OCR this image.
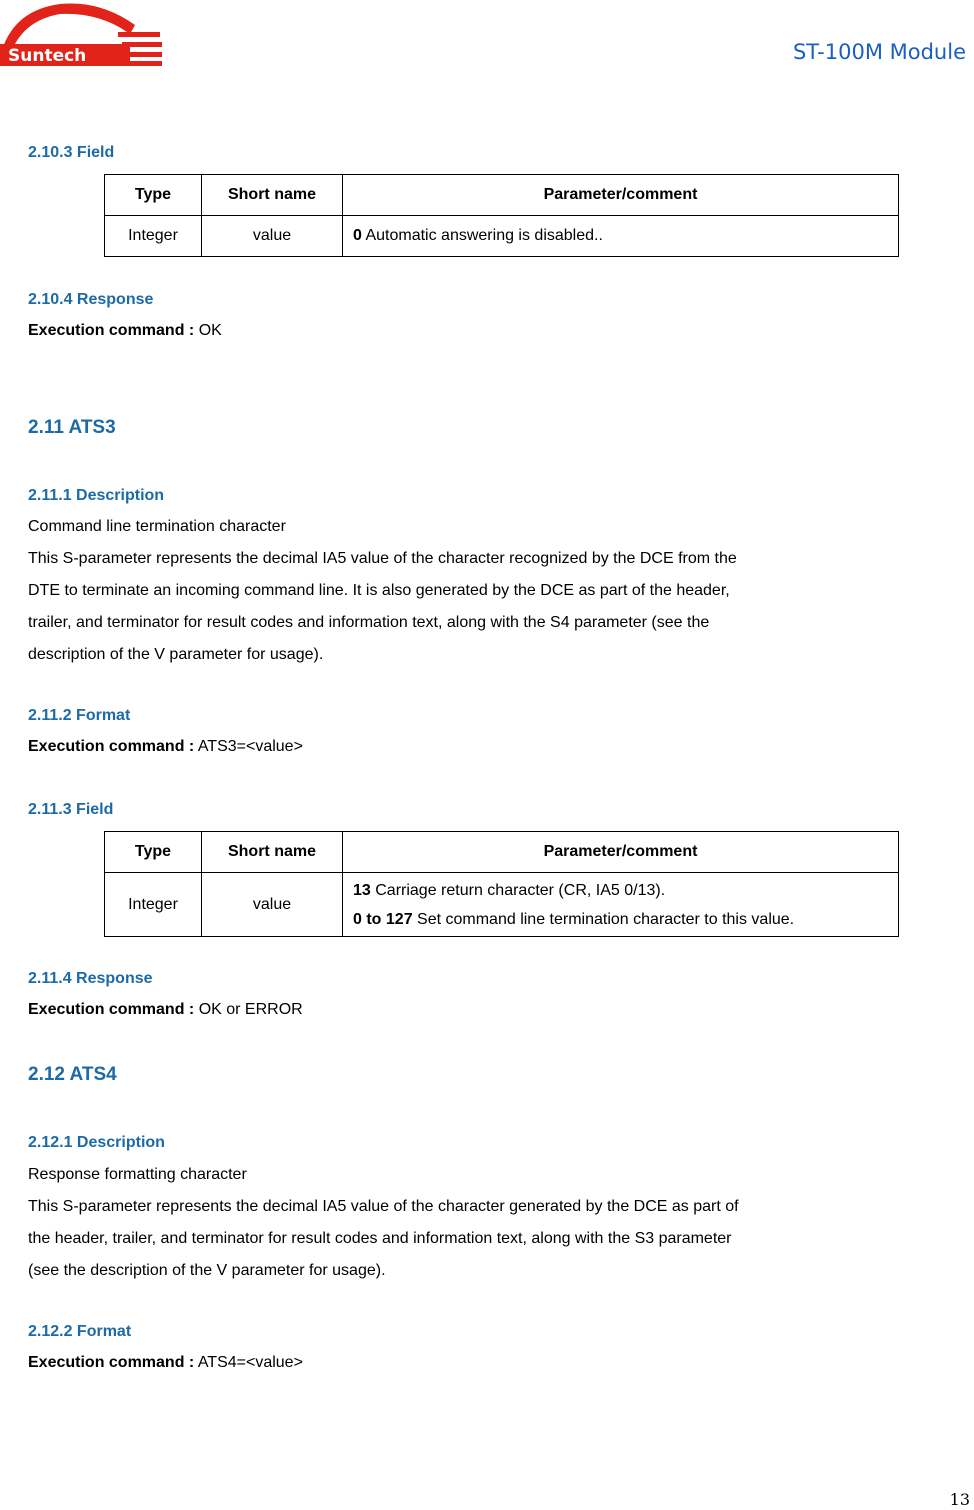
Suntech	ST-100M Module
2.10.3 Field
Type	Short name	Parameter/comment
Integer	value	0 Automatic answering is disabled..
2.10.4 Response
Execution command : OK
2.11 ATS3
2.11.1 Description
Command line termination character
This S-parameter represents the decimal IA5 value of the character recognized by the DCE from the
DTE to terminate an incoming command line. It is also generated by the DCE as part of the header,
trailer, and terminator for result codes and information text, along with the S4 parameter (see the
description of the V parameter for usage).
2.11.2 Format
Execution command : ATS3=<value>
2.11.3 Field
Type	Short name	Parameter/comment
Integer	value	13 Carriage return character (CR, IA5 0/13).
0 to 127 Set command line termination character to this value.
2.11.4 Response
Execution command : OK or ERROR
2.12 ATS4
2.12.1 Description
Response formatting character
This S-parameter represents the decimal IA5 value of the character generated by the DCE as part of
the header, trailer, and terminator for result codes and information text, along with the S3 parameter
(see the description of the V parameter for usage).
2.12.2 Format
Execution command : ATS4=<value>
13
